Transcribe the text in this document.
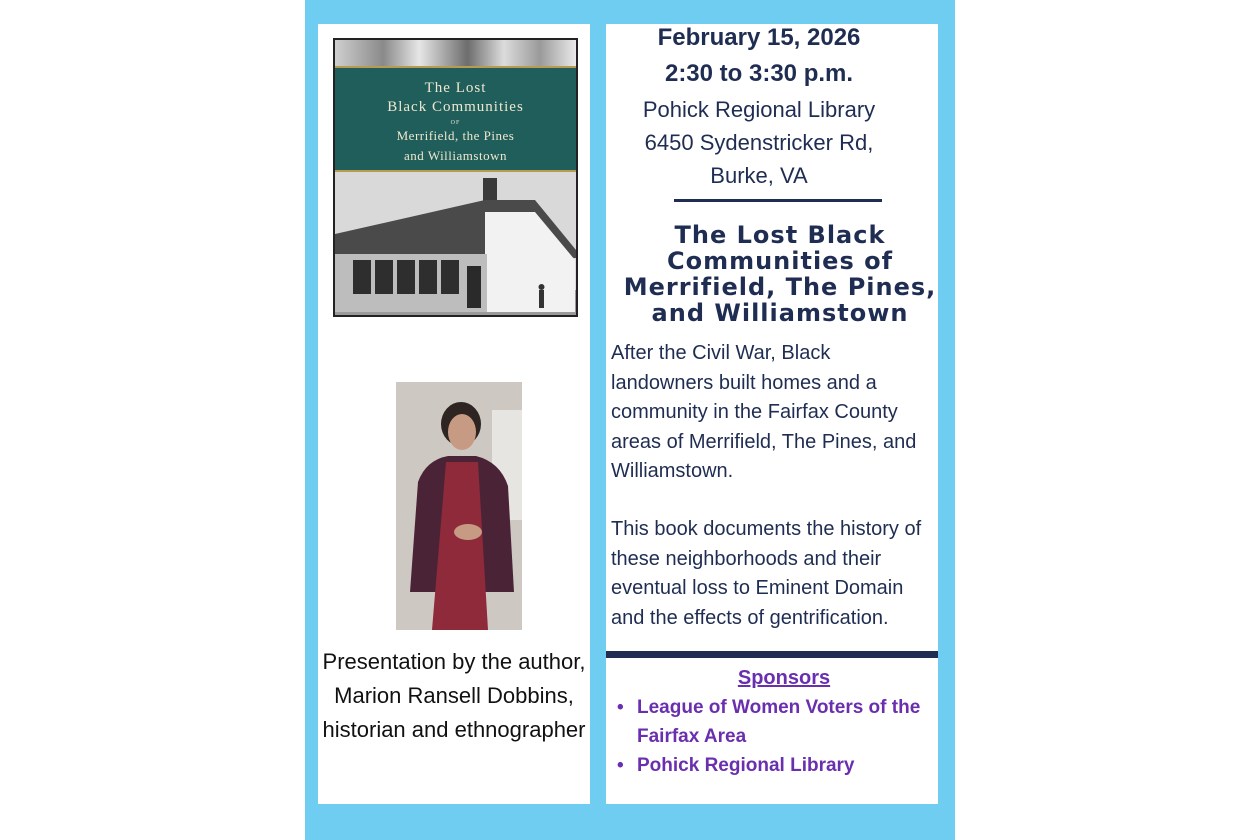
The Lost
Black Communities
OF
Merrifield, the Pines
and Williamstown
Presentation by the author, Marion Ransell Dobbins, historian and ethnographer
February 15, 2026
2:30 to 3:30 p.m.
Pohick Regional Library
6450 Sydenstricker Rd,
Burke, VA
The Lost Black Communities of Merrifield, The Pines, and Williamstown
After the Civil War, Black landowners built homes and a community in the Fairfax County areas of Merrifield, The Pines, and Williamstown.
This book documents the history of these neighborhoods and their eventual loss to Eminent Domain and the effects of gentrification.
Sponsors
• League of Women Voters of the Fairfax Area
• Pohick Regional Library
